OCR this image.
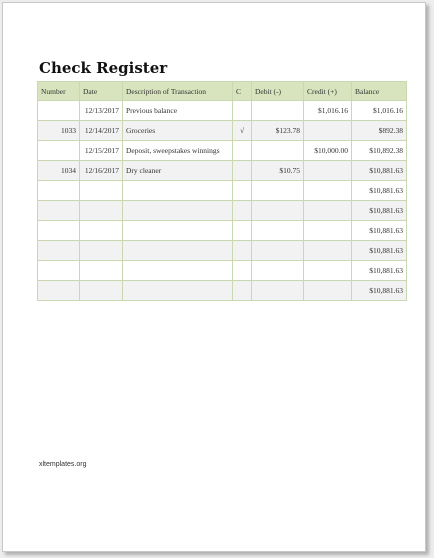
Check Register
Number	Date	Description of Transaction	C	Debit (-)	Credit (+)	Balance
	12/13/2017	Previous balance			$1,016.16	$1,016.16
1033	12/14/2017	Groceries	√	$123.78		$892.38
	12/15/2017	Deposit, sweepstakes winnings			$10,000.00	$10,892.38
1034	12/16/2017	Dry cleaner		$10.75		$10,881.63
						$10,881.63
						$10,881.63
						$10,881.63
						$10,881.63
						$10,881.63
						$10,881.63
xltemplates.org
